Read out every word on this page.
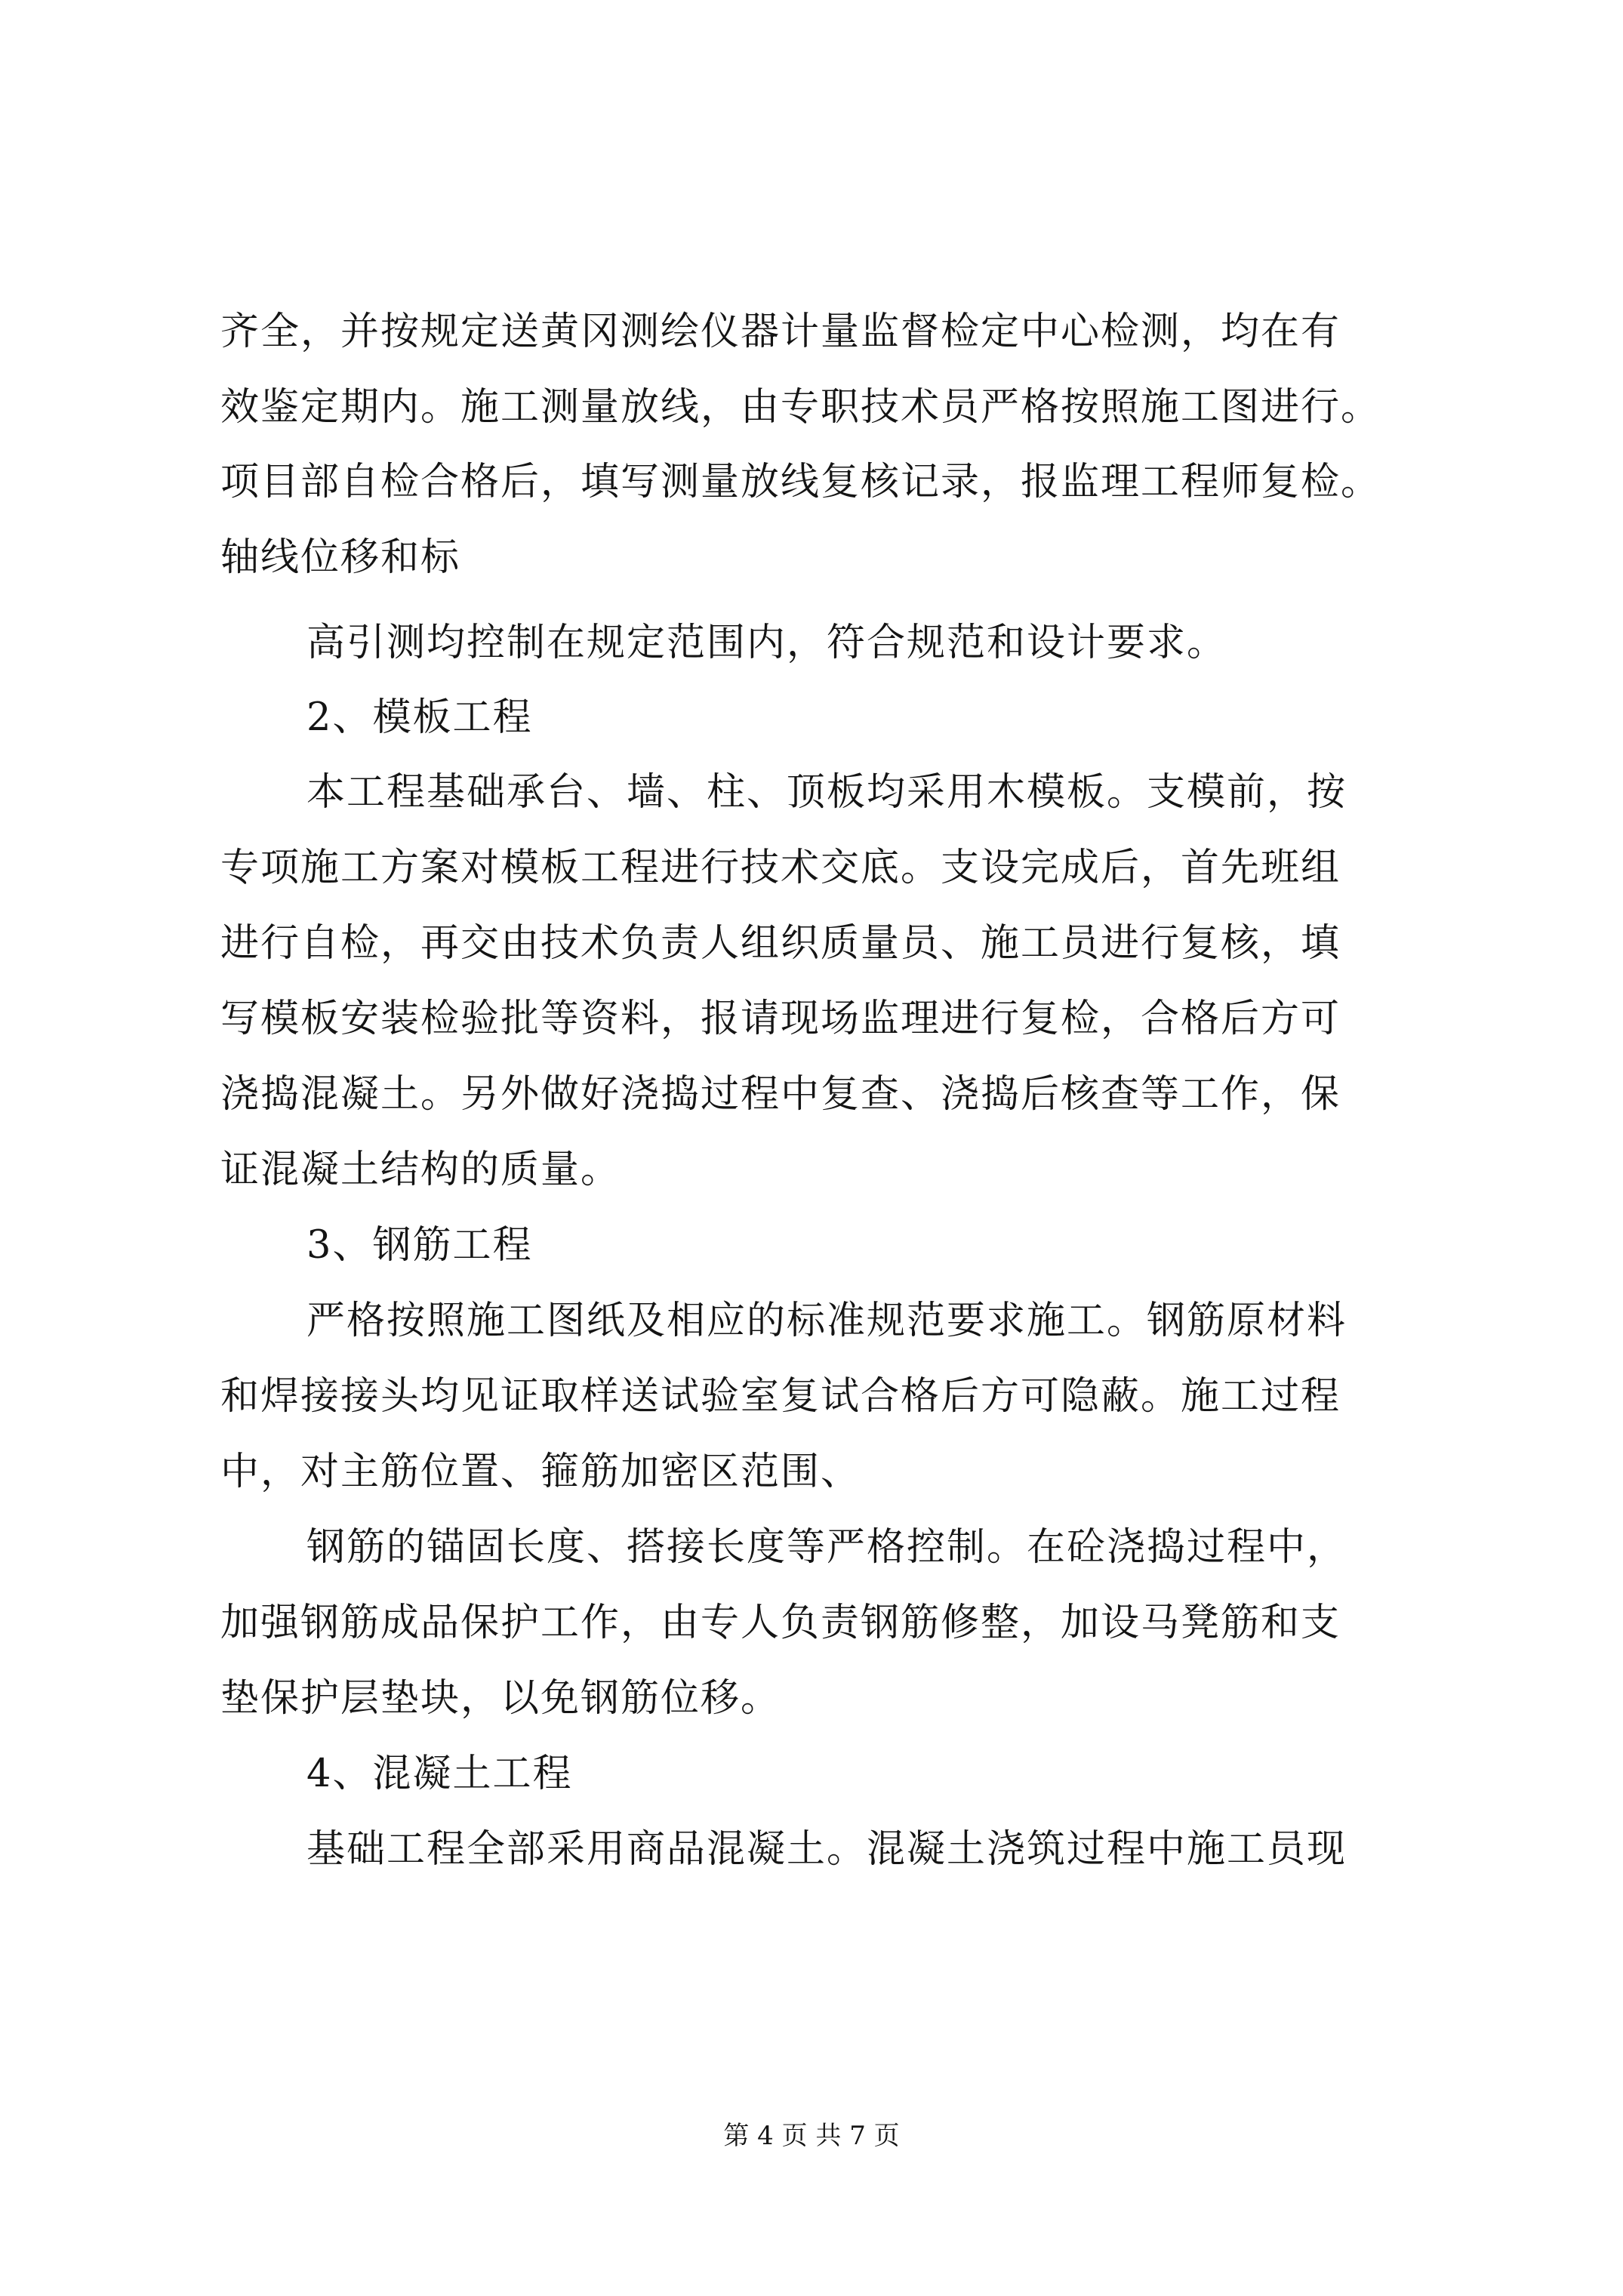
齐全，并按规定送黄冈测绘仪器计量监督检定中心检测，均在有
效鉴定期内。施工测量放线，由专职技术员严格按照施工图进行。
项目部自检合格后，填写测量放线复核记录，报监理工程师复检。
轴线位移和标
高引测均控制在规定范围内，符合规范和设计要求。
2、模板工程
本工程基础承台、墙、柱、顶板均采用木模板。支模前，按
专项施工方案对模板工程进行技术交底。支设完成后，首先班组
进行自检，再交由技术负责人组织质量员、施工员进行复核，填
写模板安装检验批等资料，报请现场监理进行复检，合格后方可
浇捣混凝土。另外做好浇捣过程中复查、浇捣后核查等工作，保
证混凝土结构的质量。
3、钢筋工程
严格按照施工图纸及相应的标准规范要求施工。钢筋原材料
和焊接接头均见证取样送试验室复试合格后方可隐蔽。施工过程
中，对主筋位置、箍筋加密区范围、
钢筋的锚固长度、搭接长度等严格控制。在砼浇捣过程中，
加强钢筋成品保护工作，由专人负责钢筋修整，加设马凳筋和支
垫保护层垫块，以免钢筋位移。
4、混凝土工程
基础工程全部采用商品混凝土。混凝土浇筑过程中施工员现
第 4 页 共 7 页
